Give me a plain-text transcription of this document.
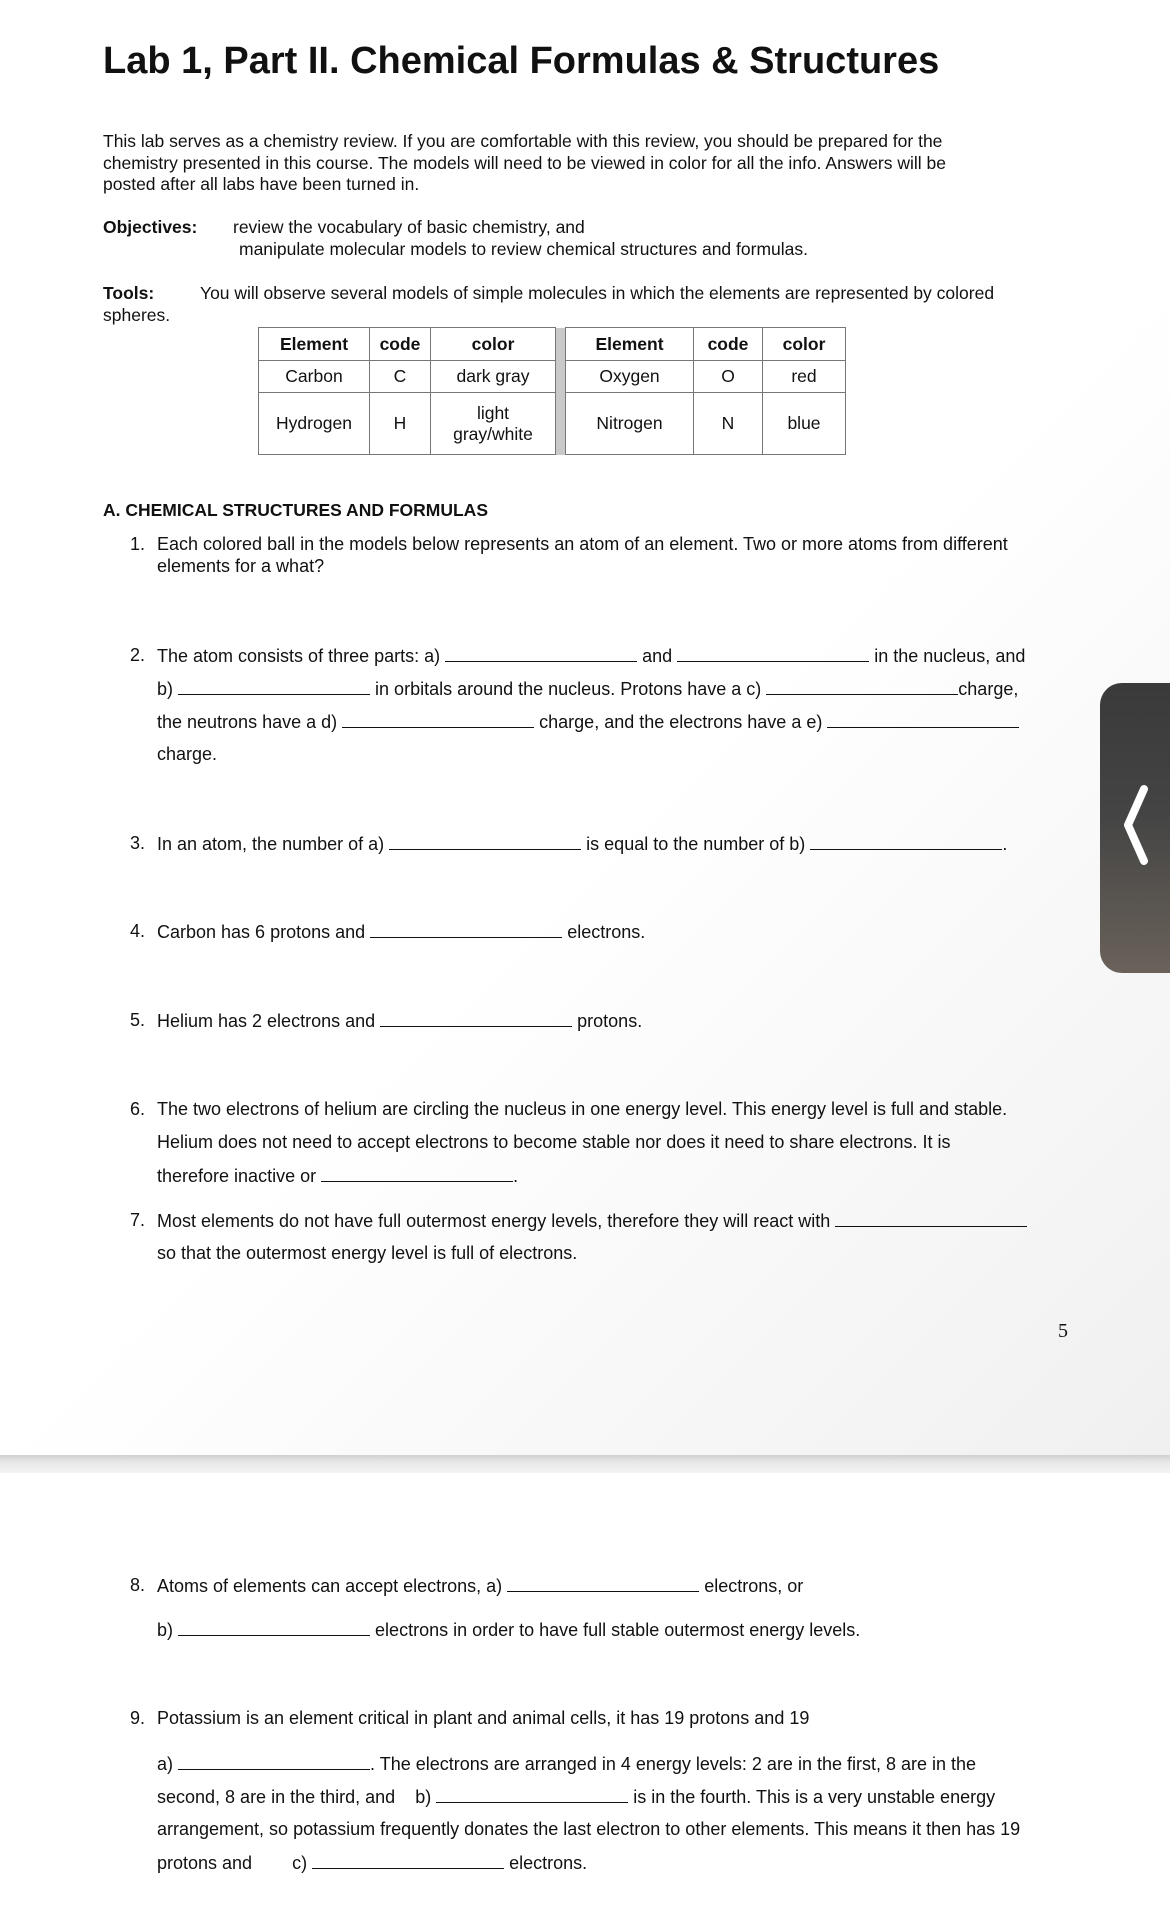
Lab 1, Part II. Chemical Formulas & Structures
This lab serves as a chemistry review. If you are comfortable with this review, you should be prepared for the
chemistry presented in this course. The models will need to be viewed in color for all the info. Answers will be
posted after all labs have been turned in.
Objectives: review the vocabulary of basic chemistry, and
manipulate molecular models to review chemical structures and formulas.
Tools:	You will observe several models of simple molecules in which the elements are represented by colored
spheres.
Element	code	color		Element	code	color
Carbon	C	dark gray		Oxygen	O	red
Hydrogen	H	light
gray/white		Nitrogen	N	blue
A. CHEMICAL STRUCTURES AND FORMULAS
1. Each colored ball in the models below represents an atom of an element. Two or more atoms from different
elements for a what?
2. The atom consists of three parts: a)	and	in the nucleus, and
b)	in orbitals around the nucleus. Protons have a c)	charge,
the neutrons have a d)	charge, and the electrons have a e)
charge.
3. In an atom, the number of a)	is equal to the number of b)	.
4. Carbon has 6 protons and	electrons.
5. Helium has 2 electrons and	protons.
6. The two electrons of helium are circling the nucleus in one energy level. This energy level is full and stable.
Helium does not need to accept electrons to become stable nor does it need to share electrons. It is
therefore inactive or	.
7. Most elements do not have full outermost energy levels, therefore they will react with
so that the outermost energy level is full of electrons.
5
8. Atoms of elements can accept electrons, a)	electrons, or
b)	electrons in order to have full stable outermost energy levels.
9. Potassium is an element critical in plant and animal cells, it has 19 protons and 19
a)	. The electrons are arranged in 4 energy levels: 2 are in the first, 8 are in the
second, 8 are in the third, and b)	is in the fourth. This is a very unstable energy
arrangement, so potassium frequently donates the last electron to other elements. This means it then has 19
protons and c)	electrons.
